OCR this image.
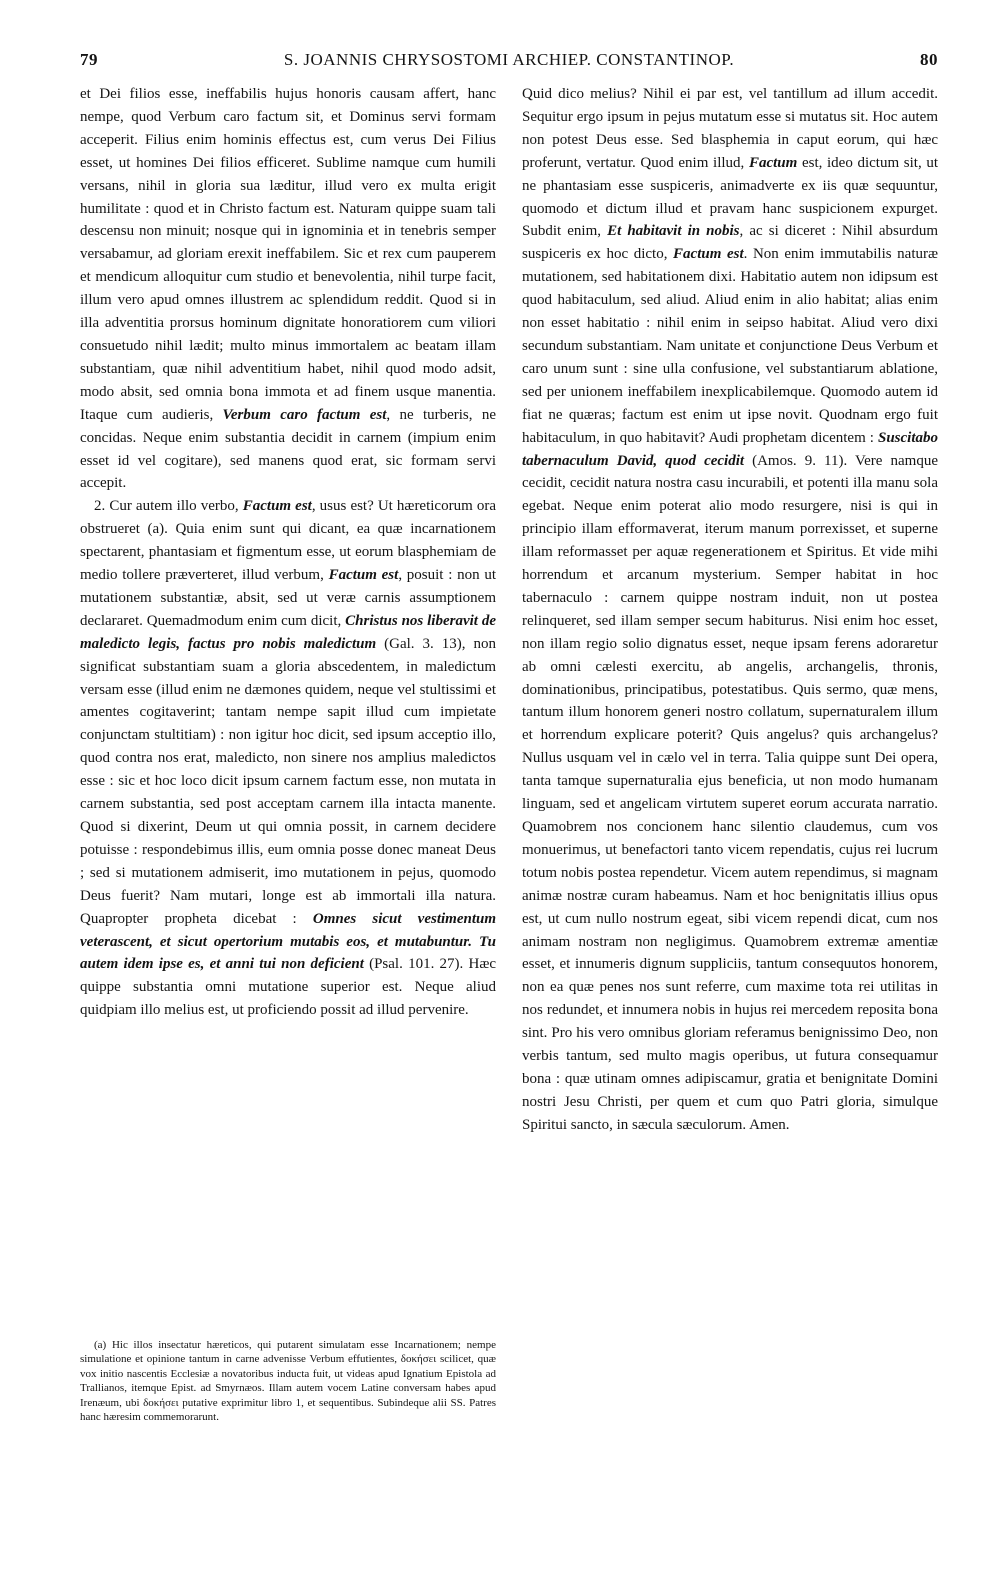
79	S. JOANNIS CHRYSOSTOMI ARCHIEP. CONSTANTINOP.	80

et Dei filios esse, ineffabilis hujus honoris causam affert, hanc nempe, quod Verbum caro factum sit, et Dominus servi formam acceperit. Filius enim hominis effectus est, cum verus Dei Filius esset, ut homines Dei filios efficeret. Sublime namque cum humili versans, nihil in gloria sua læditur, illud vero ex multa erigit humilitate : quod et in Christo factum est. Naturam quippe suam tali descensu non minuit; nosque qui in ignominia et in tenebris semper versabamur, ad gloriam erexit ineffabilem. Sic et rex cum pauperem et mendicum alloquitur cum studio et benevolentia, nihil turpe facit, illum vero apud omnes illustrem ac splendidum reddit. Quod si in illa adventitia prorsus hominum dignitate honoratiorem cum viliori consuetudo nihil lædit; multo minus immortalem ac beatam illam substantiam, quæ nihil adventitium habet, nihil quod modo adsit, modo absit, sed omnia bona immota et ad finem usque manentia. Itaque cum audieris, Verbum caro factum est, ne turberis, ne concidas. Neque enim substantia decidit in carnem (impium enim esset id vel cogitare), sed manens quod erat, sic formam servi accepit.

2. Cur autem illo verbo, Factum est, usus est? Ut hæreticorum ora obstrueret (a). Quia enim sunt qui dicant, ea quæ incarnationem spectarent, phantasiam et figmentum esse, ut eorum blasphemiam de medio tollere præverteret, illud verbum, Factum est, posuit : non ut mutationem substantiæ, absit, sed ut veræ carnis assumptionem declararet. Quemadmodum enim cum dicit, Christus nos liberavit de maledicto legis, factus pro nobis maledictum (Gal. 3. 13), non significat substantiam suam a gloria abscedentem, in maledictum versam esse (illud enim ne dæmones quidem, neque vel stultissimi et amentes cogitaverint; tantam nempe sapit illud cum impietate conjunctam stultitiam) : non igitur hoc dicit, sed ipsum acceptio illo, quod contra nos erat, maledicto, non sinere nos amplius maledictos esse : sic et hoc loco dicit ipsum carnem factum esse, non mutata in carnem substantia, sed post acceptam carnem illa intacta manente. Quod si dixerint, Deum ut qui omnia possit, in carnem decidere potuisse : respondebimus illis, eum omnia posse donec maneat Deus ; sed si mutationem admiserit, imo mutationem in pejus, quomodo Deus fuerit? Nam mutari, longe est ab immortali illa natura. Quapropter propheta dicebat : Omnes sicut vestimentum veterascent, et sicut opertorium mutabis eos, et mutabuntur. Tu autem idem ipse es, et anni tui non deficient (Psal. 101. 27). Hæc quippe substantia omni mutatione superior est. Neque aliud quidpiam illo melius est, ut proficiendo possit ad illud pervenire.

(a) Hic illos insectatur hæreticos, qui putarent simulatam esse Incarnationem; nempe simulatione et opinione tantum in carne advenisse Verbum effutientes, δοκήσει scilicet, quæ vox initio nascentis Ecclesiæ a novatoribus inducta fuit, ut videas apud Ignatium Epistola ad Trallianos, itemque Epist. ad Smyrnæos. Illam autem vocem Latine conversam habes apud Irenæum, ubi δοκήσει putative exprimitur libro 1, et sequentibus. Subindeque alii SS. Patres hanc hæresim commemorarunt.

Quid dico melius? Nihil ei par est, vel tantillum ad illum accedit. Sequitur ergo ipsum in pejus mutatum esse si mutatus sit. Hoc autem non potest Deus esse. Sed blasphemia in caput eorum, qui hæc proferunt, vertatur. Quod enim illud, Factum est, ideo dictum sit, ut ne phantasiam esse suspiceris, animadverte ex iis quæ sequuntur, quomodo et dictum illud et pravam hanc suspicionem expurget. Subdit enim, Et habitavit in nobis, ac si diceret : Nihil absurdum suspiceris ex hoc dicto, Factum est. Non enim immutabilis naturæ mutationem, sed habitationem dixi. Habitatio autem non idipsum est quod habitaculum, sed aliud. Aliud enim in alio habitat; alias enim non esset habitatio : nihil enim in seipso habitat. Aliud vero dixi secundum substantiam. Nam unitate et conjunctione Deus Verbum et caro unum sunt : sine ulla confusione, vel substantiarum ablatione, sed per unionem ineffabilem inexplicabilemque. Quomodo autem id fiat ne quæras; factum est enim ut ipse novit. Quodnam ergo fuit habitaculum, in quo habitavit? Audi prophetam dicentem : Suscitabo tabernaculum David, quod cecidit (Amos. 9. 11). Vere namque cecidit, cecidit natura nostra casu incurabili, et potenti illa manu sola egebat. Neque enim poterat alio modo resurgere, nisi is qui in principio illam efformaverat, iterum manum porrexisset, et superne illam reformasset per aquæ regenerationem et Spiritus. Et vide mihi horrendum et arcanum mysterium. Semper habitat in hoc tabernaculo : carnem quippe nostram induit, non ut postea relinqueret, sed illam semper secum habiturus. Nisi enim hoc esset, non illam regio solio dignatus esset, neque ipsam ferens adoraretur ab omni cælesti exercitu, ab angelis, archangelis, thronis, dominationibus, principatibus, potestatibus. Quis sermo, quæ mens, tantum illum honorem generi nostro collatum, supernaturalem illum et horrendum explicare poterit? Quis angelus? quis archangelus? Nullus usquam vel in cælo vel in terra. Talia quippe sunt Dei opera, tanta tamque supernaturalia ejus beneficia, ut non modo humanam linguam, sed et angelicam virtutem superet eorum accurata narratio. Quamobrem nos concionem hanc silentio claudemus, cum vos monuerimus, ut benefactori tanto vicem rependatis, cujus rei lucrum totum nobis postea rependetur. Vicem autem rependimus, si magnam animæ nostræ curam habeamus. Nam et hoc benignitatis illius opus est, ut cum nullo nostrum egeat, sibi vicem rependi dicat, cum nos animam nostram non negligimus. Quamobrem extremæ amentiæ esset, et innumeris dignum suppliciis, tantum consequutos honorem, non ea quæ penes nos sunt referre, cum maxime tota rei utilitas in nos redundet, et innumera nobis in hujus rei mercedem reposita bona sint. Pro his vero omnibus gloriam referamus benignissimo Deo, non verbis tantum, sed multo magis operibus, ut futura consequamur bona : quæ utinam omnes adipiscamur, gratia et benignitate Domini nostri Jesu Christi, per quem et cum quo Patri gloria, simulque Spiritui sancto, in sæcula sæculorum. Amen.
